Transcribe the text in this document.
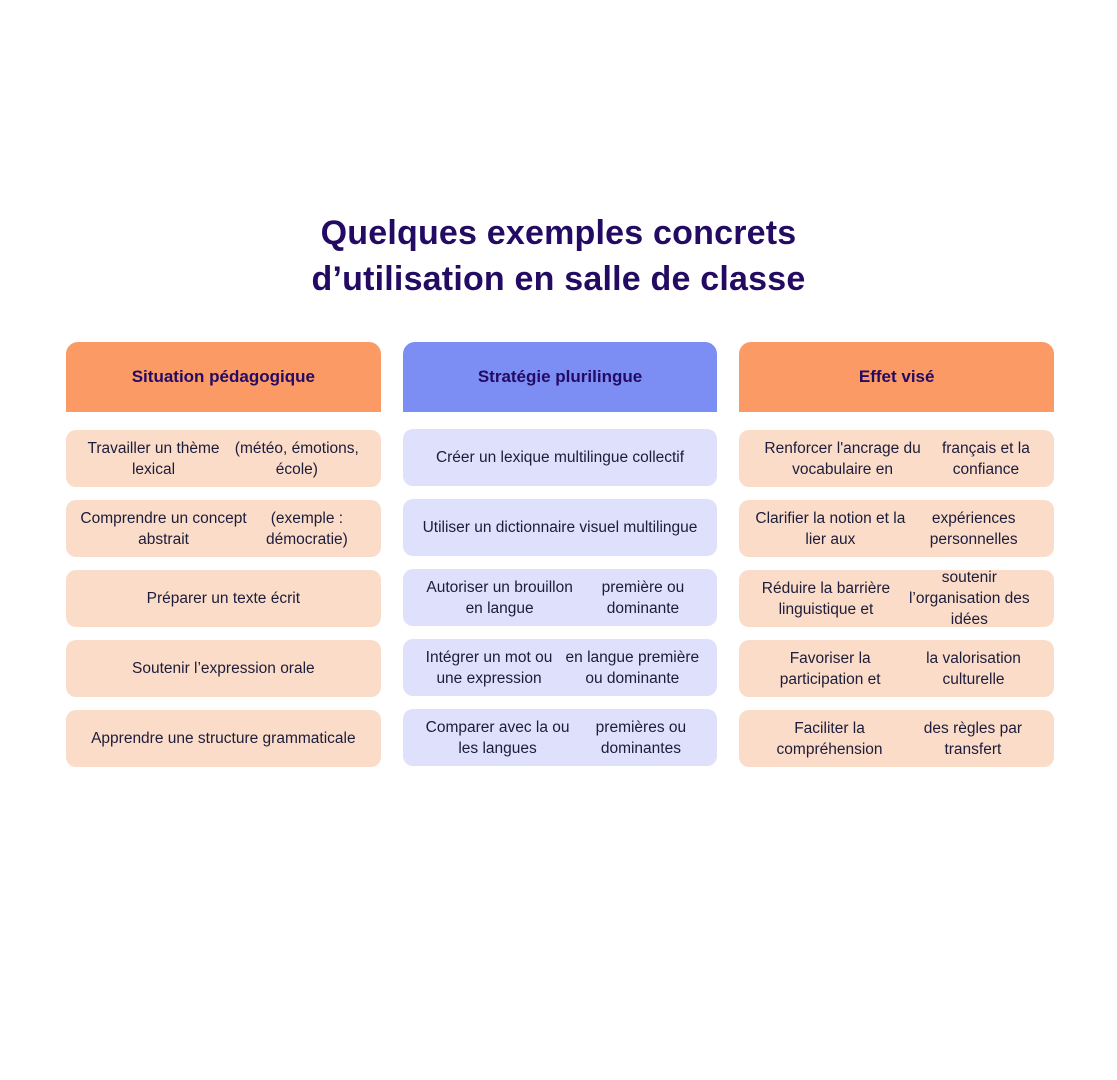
Quelques exemples concrets
d’utilisation en salle de classe
Situation pédagogique
Travailler un thème lexical
(météo, émotions, école)
Comprendre un concept abstrait
(exemple : démocratie)
Préparer un texte écrit
Soutenir l’expression orale
Apprendre une structure grammaticale
Stratégie plurilingue
Créer un lexique multilingue collectif
Utiliser un dictionnaire visuel multilingue
Autoriser un brouillon en langue
première ou dominante
Intégrer un mot ou une expression
en langue première ou dominante
Comparer avec la ou les langues
premières ou dominantes
Effet visé
Renforcer l'ancrage du vocabulaire en
français et la confiance
Clarifier la notion et la lier aux
expériences personnelles
Réduire la barrière linguistique et
soutenir l’organisation des idées
Favoriser la participation et
la valorisation culturelle
Faciliter la compréhension
des règles par transfert
